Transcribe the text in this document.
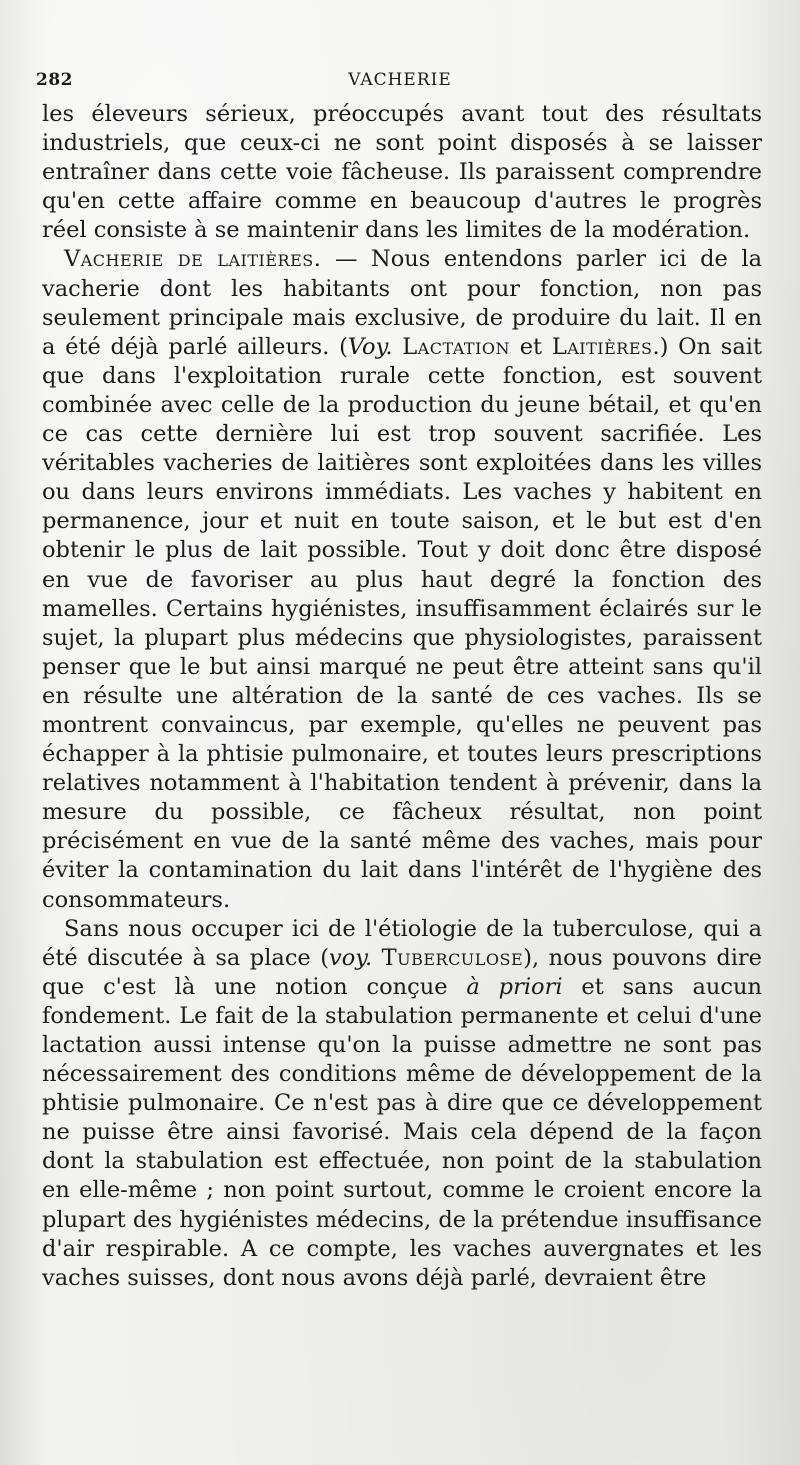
282	VACHERIE

les éleveurs sérieux, préoccupés avant tout des résultats industriels, que ceux-ci ne sont point disposés à se laisser entraîner dans cette voie fâcheuse. Ils paraissent comprendre qu'en cette affaire comme en beaucoup d'autres le progrès réel consiste à se maintenir dans les limites de la modération.

Vacherie de laitières. — Nous entendons parler ici de la vacherie dont les habitants ont pour fonction, non pas seulement principale mais exclusive, de produire du lait. Il en a été déjà parlé ailleurs. (Voy. Lactation et Laitières.) On sait que dans l'exploitation rurale cette fonction, est souvent combinée avec celle de la production du jeune bétail, et qu'en ce cas cette dernière lui est trop souvent sacrifiée. Les véritables vacheries de laitières sont exploitées dans les villes ou dans leurs environs immédiats. Les vaches y habitent en permanence, jour et nuit en toute saison, et le but est d'en obtenir le plus de lait possible. Tout y doit donc être disposé en vue de favoriser au plus haut degré la fonction des mamelles. Certains hygiénistes, insuffisamment éclairés sur le sujet, la plupart plus médecins que physiologistes, paraissent penser que le but ainsi marqué ne peut être atteint sans qu'il en résulte une altération de la santé de ces vaches. Ils se montrent convaincus, par exemple, qu'elles ne peuvent pas échapper à la phtisie pulmonaire, et toutes leurs prescriptions relatives notamment à l'habitation tendent à prévenir, dans la mesure du possible, ce fâcheux résultat, non point précisément en vue de la santé même des vaches, mais pour éviter la contamination du lait dans l'intérêt de l'hygiène des consommateurs.

Sans nous occuper ici de l'étiologie de la tuberculose, qui a été discutée à sa place (voy. Tuberculose), nous pouvons dire que c'est là une notion conçue à priori et sans aucun fondement. Le fait de la stabulation permanente et celui d'une lactation aussi intense qu'on la puisse admettre ne sont pas nécessairement des conditions même de développement de la phtisie pulmonaire. Ce n'est pas à dire que ce développement ne puisse être ainsi favorisé. Mais cela dépend de la façon dont la stabulation est effectuée, non point de la stabulation en elle-même ; non point surtout, comme le croient encore la plupart des hygiénistes médecins, de la prétendue insuffisance d'air respirable. A ce compte, les vaches auvergnates et les vaches suisses, dont nous avons déjà parlé, devraient être
